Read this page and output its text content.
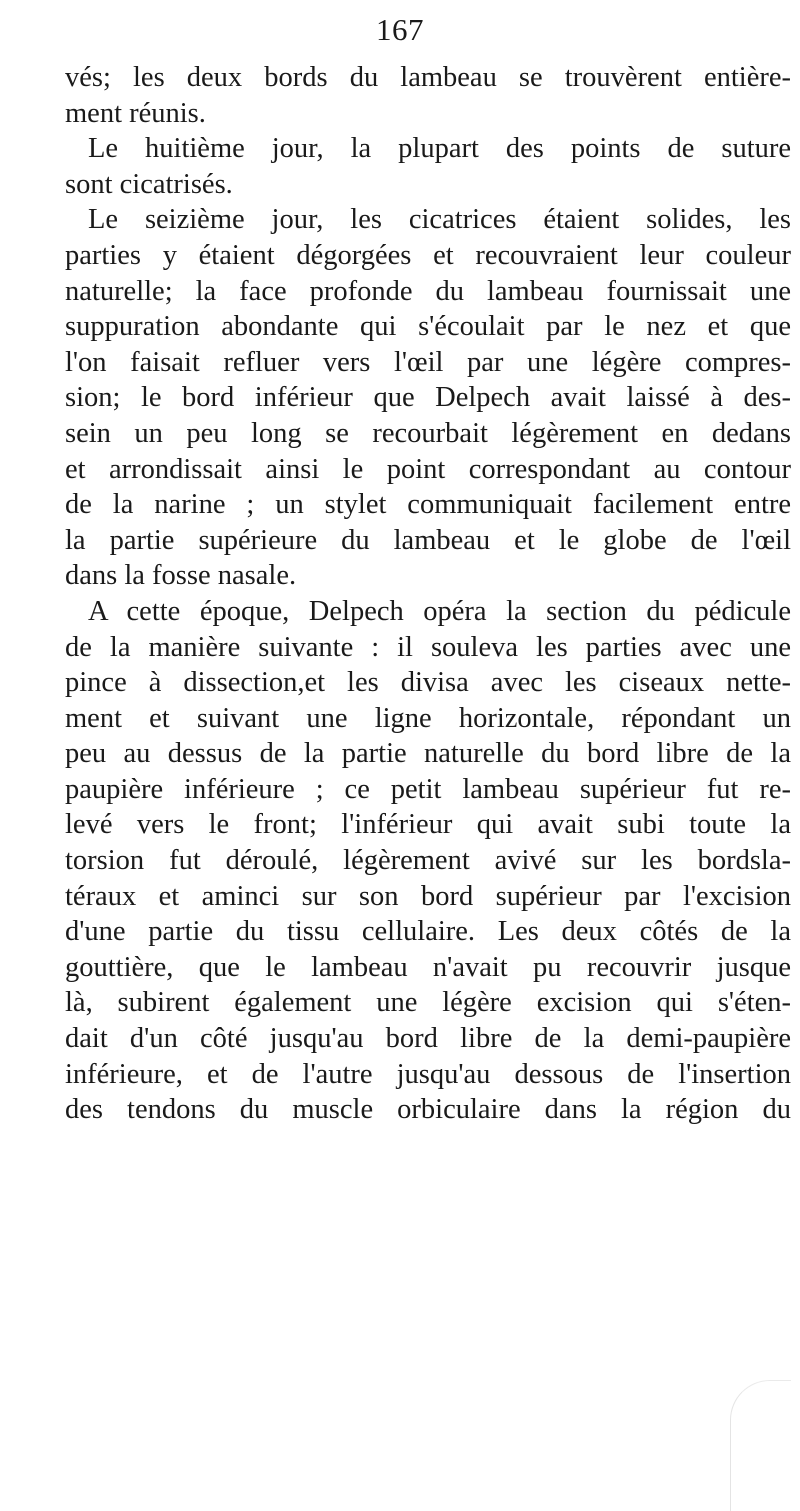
167
vés; les deux bords du lambeau se trouvèrent entière-
ment réunis.
Le huitième jour, la plupart des points de suture
sont cicatrisés.
Le seizième jour, les cicatrices étaient solides, les
parties y étaient dégorgées et recouvraient leur couleur
naturelle; la face profonde du lambeau fournissait une
suppuration abondante qui s'écoulait par le nez et que
l'on faisait refluer vers l'œil par une légère compres-
sion; le bord inférieur que Delpech avait laissé à des-
sein un peu long se recourbait légèrement en dedans
et arrondissait ainsi le point correspondant au contour
de la narine ; un stylet communiquait facilement entre
la partie supérieure du lambeau et le globe de l'œil
dans la fosse nasale.
A cette époque, Delpech opéra la section du pédicule
de la manière suivante : il souleva les parties avec une
pince à dissection,et les divisa avec les ciseaux nette-
ment et suivant une ligne horizontale, répondant un
peu au dessus de la partie naturelle du bord libre de la
paupière inférieure ; ce petit lambeau supérieur fut re-
levé vers le front; l'inférieur qui avait subi toute la
torsion fut déroulé, légèrement avivé sur les bordsla-
téraux et aminci sur son bord supérieur par l'excision
d'une partie du tissu cellulaire. Les deux côtés de la
gouttière, que le lambeau n'avait pu recouvrir jusque
là, subirent également une légère excision qui s'éten-
dait d'un côté jusqu'au bord libre de la demi-paupière
inférieure, et de l'autre jusqu'au dessous de l'insertion
des tendons du muscle orbiculaire dans la région du
